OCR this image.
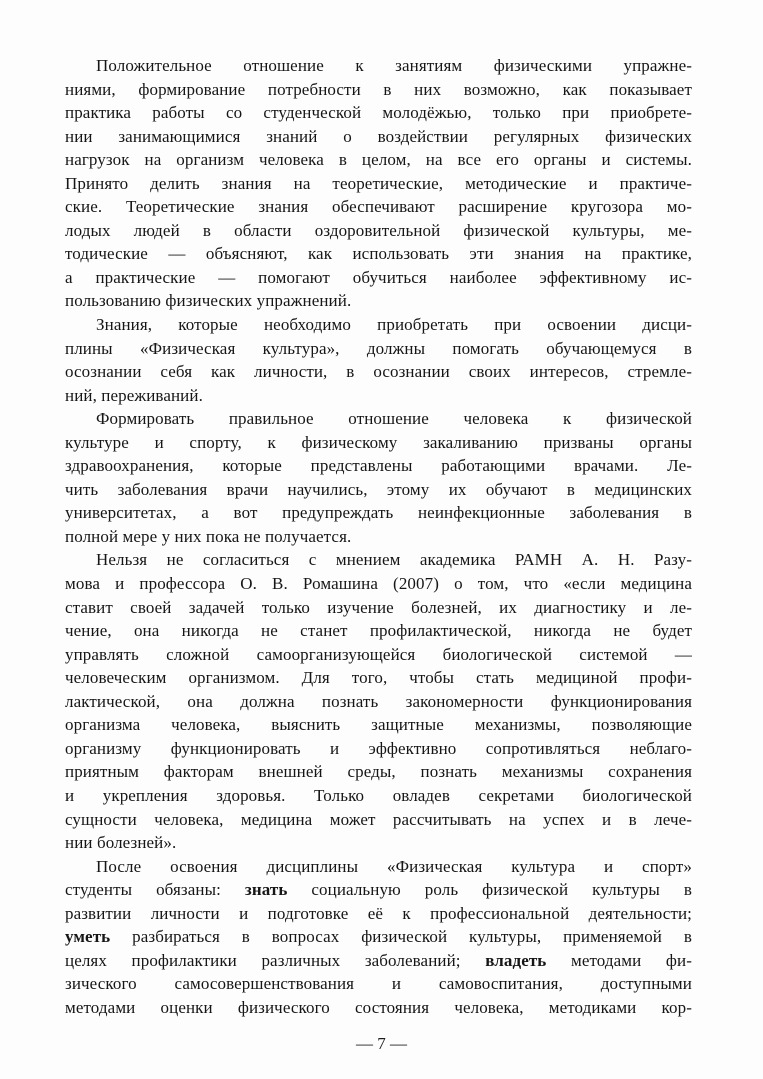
Положительное отношение к занятиям физическими упражне-
ниями, формирование потребности в них возможно, как показывает
практика работы со студенческой молодёжью, только при приобрете-
нии занимающимися знаний о воздействии регулярных физических
нагрузок на организм человека в целом, на все его органы и системы.
Принято делить знания на теоретические, методические и практиче-
ские. Теоретические знания обеспечивают расширение кругозора мо-
лодых людей в области оздоровительной физической культуры, ме-
тодические — объясняют, как использовать эти знания на практике,
а практические — помогают обучиться наиболее эффективному ис-
пользованию физических упражнений.
Знания, которые необходимо приобретать при освоении дисци-
плины «Физическая культура», должны помогать обучающемуся в
осознании себя как личности, в осознании своих интересов, стремле-
ний, переживаний.
Формировать правильное отношение человека к физической
культуре и спорту, к физическому закаливанию призваны органы
здравоохранения, которые представлены работающими врачами. Ле-
чить заболевания врачи научились, этому их обучают в медицинских
университетах, а вот предупреждать неинфекционные заболевания в
полной мере у них пока не получается.
Нельзя не согласиться с мнением академика РАМН А. Н. Разу-
мова и профессора О. В. Ромашина (2007) о том, что «если медицина
ставит своей задачей только изучение болезней, их диагностику и ле-
чение, она никогда не станет профилактической, никогда не будет
управлять сложной самоорганизующейся биологической системой —
человеческим организмом. Для того, чтобы стать медициной профи-
лактической, она должна познать закономерности функционирования
организма человека, выяснить защитные механизмы, позволяющие
организму функционировать и эффективно сопротивляться неблаго-
приятным факторам внешней среды, познать механизмы сохранения
и укрепления здоровья. Только овладев секретами биологической
сущности человека, медицина может рассчитывать на успех и в лече-
нии болезней».
После освоения дисциплины «Физическая культура и спорт»
студенты обязаны: знать социальную роль физической культуры в
развитии личности и подготовке её к профессиональной деятельности;
уметь разбираться в вопросах физической культуры, применяемой в
целях профилактики различных заболеваний; владеть методами фи-
зического самосовершенствования и самовоспитания, доступными
методами оценки физического состояния человека, методиками кор-
— 7 —
